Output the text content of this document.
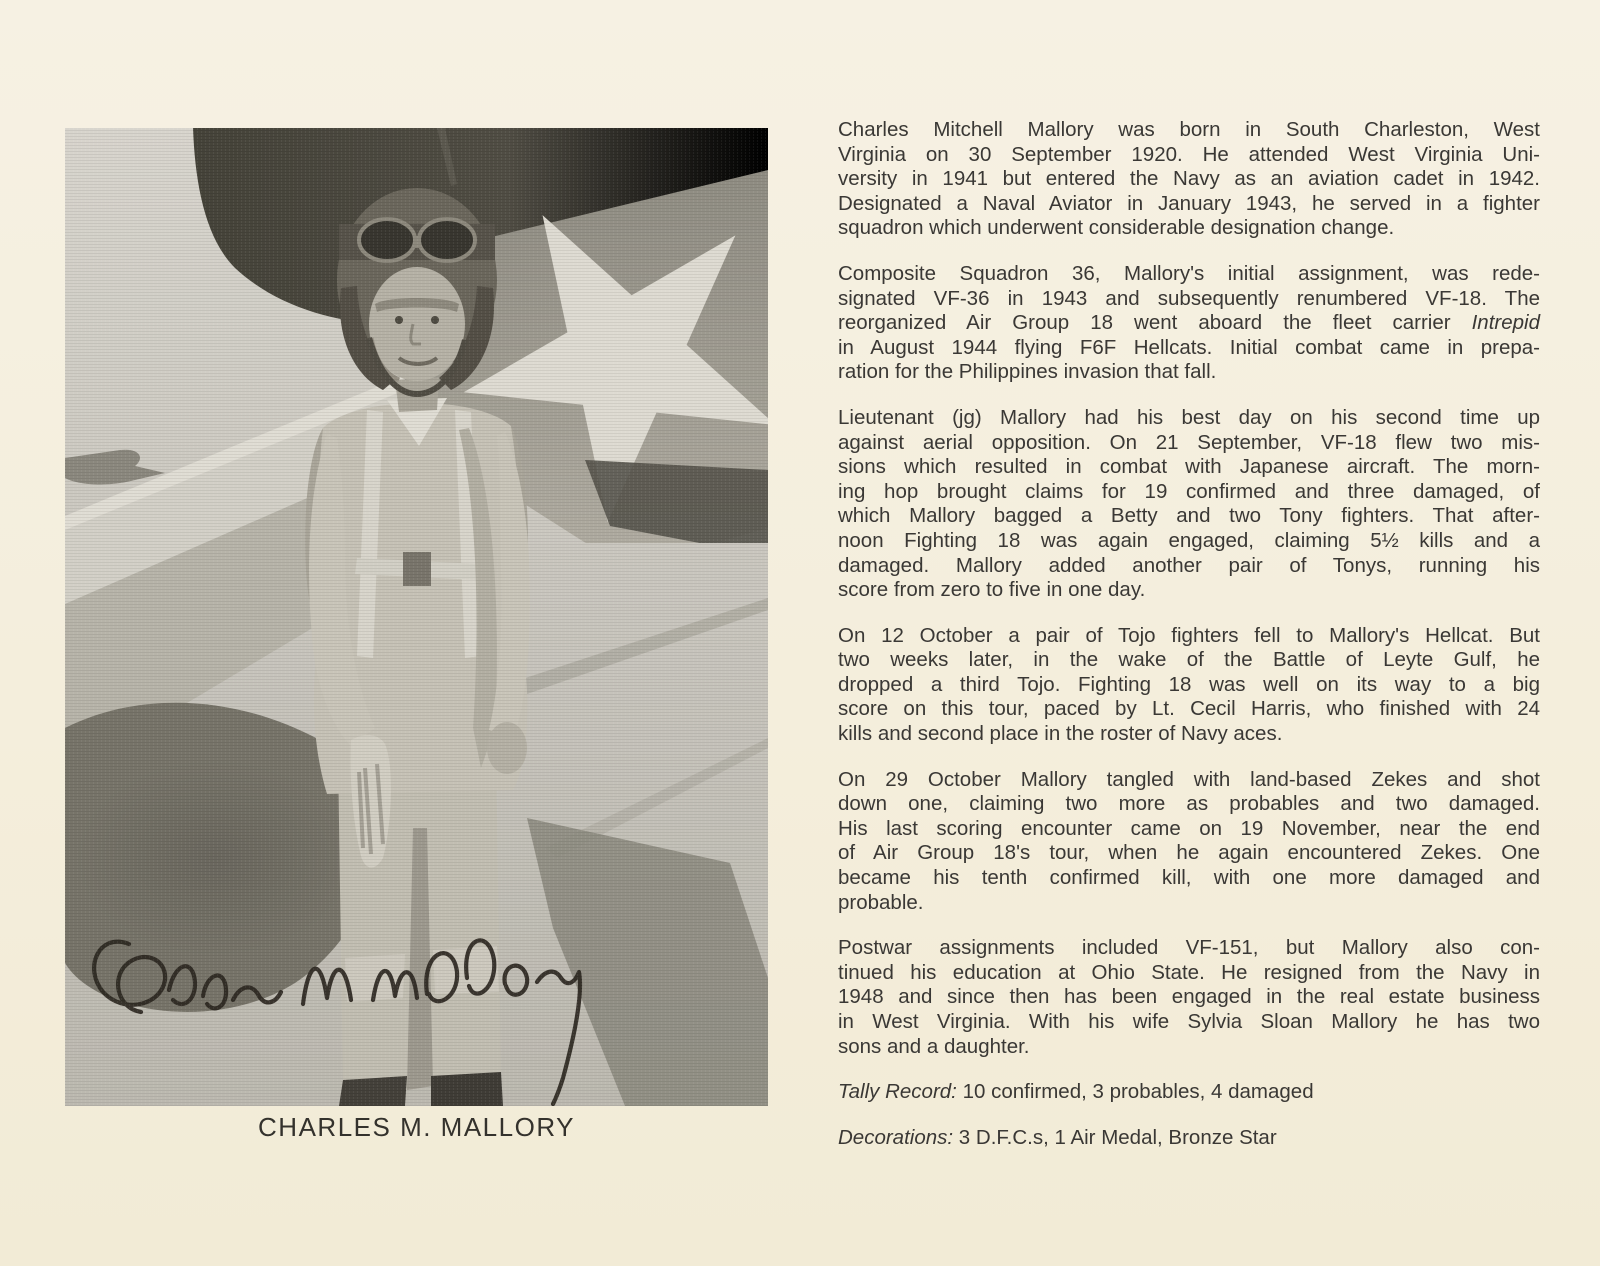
CHARLES M. MALLORY
Charles Mitchell Mallory was born in South Charleston, West
Virginia on 30 September 1920. He attended West Virginia Uni-
versity in 1941 but entered the Navy as an aviation cadet in 1942.
Designated a Naval Aviator in January 1943, he served in a fighter
squadron which underwent considerable designation change.
Composite Squadron 36, Mallory's initial assignment, was rede-
signated VF-36 in 1943 and subsequently renumbered VF-18. The
reorganized Air Group 18 went aboard the fleet carrier Intrepid
in August 1944 flying F6F Hellcats. Initial combat came in prepa-
ration for the Philippines invasion that fall.
Lieutenant (jg) Mallory had his best day on his second time up
against aerial opposition. On 21 September, VF-18 flew two mis-
sions which resulted in combat with Japanese aircraft. The morn-
ing hop brought claims for 19 confirmed and three damaged, of
which Mallory bagged a Betty and two Tony fighters. That after-
noon Fighting 18 was again engaged, claiming 5½ kills and a
damaged. Mallory added another pair of Tonys, running his
score from zero to five in one day.
On 12 October a pair of Tojo fighters fell to Mallory's Hellcat. But
two weeks later, in the wake of the Battle of Leyte Gulf, he
dropped a third Tojo. Fighting 18 was well on its way to a big
score on this tour, paced by Lt. Cecil Harris, who finished with 24
kills and second place in the roster of Navy aces.
On 29 October Mallory tangled with land-based Zekes and shot
down one, claiming two more as probables and two damaged.
His last scoring encounter came on 19 November, near the end
of Air Group 18's tour, when he again encountered Zekes. One
became his tenth confirmed kill, with one more damaged and
probable.
Postwar assignments included VF-151, but Mallory also con-
tinued his education at Ohio State. He resigned from the Navy in
1948 and since then has been engaged in the real estate business
in West Virginia. With his wife Sylvia Sloan Mallory he has two
sons and a daughter.
Tally Record: 10 confirmed, 3 probables, 4 damaged
Decorations: 3 D.F.C.s, 1 Air Medal, Bronze Star
